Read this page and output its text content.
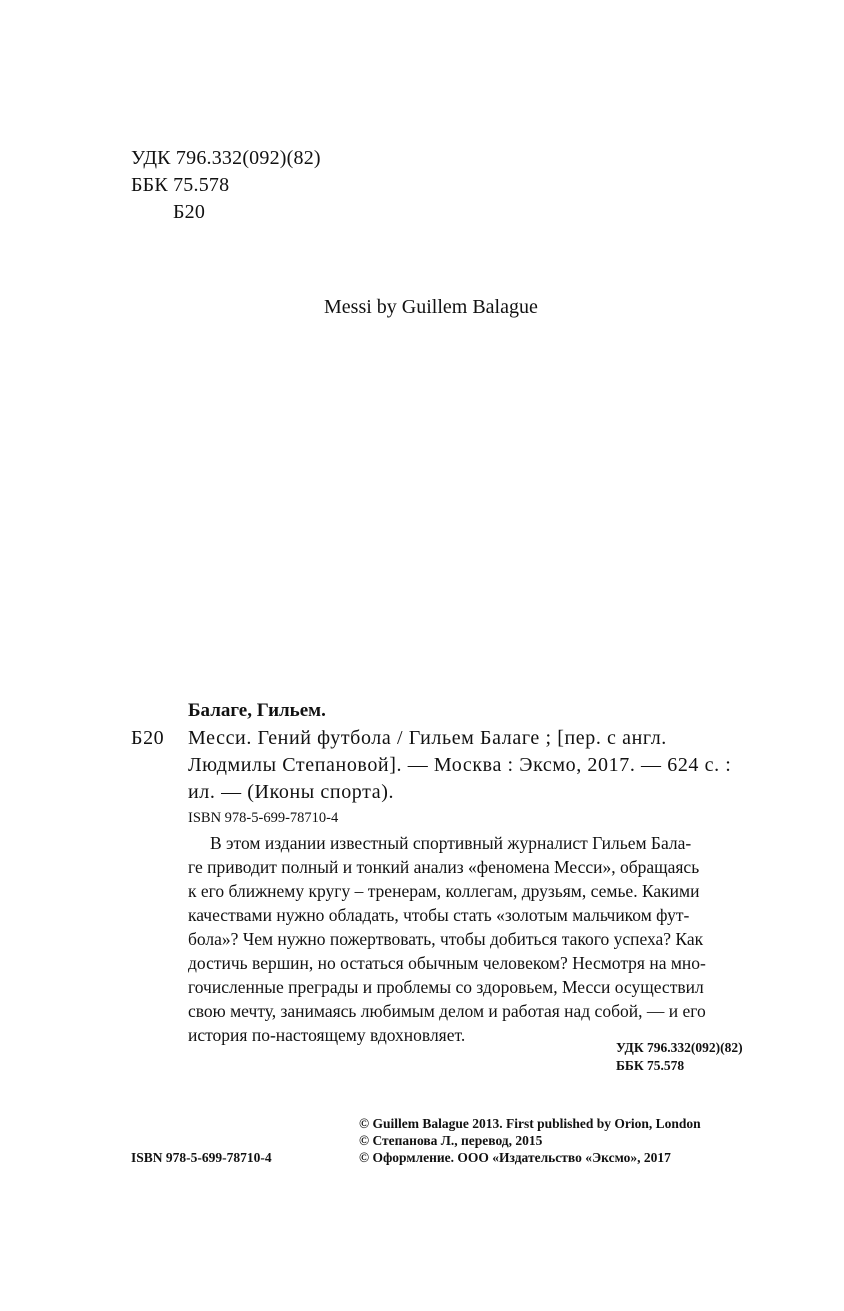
УДК 796.332(092)(82)
ББК 75.578
Б20
Messi by Guillem Balague
Балаге, Гильем.
Б20 Месси. Гений футбола / Гильем Балаге ; [пер. с англ.
Людмилы Степановой]. — Москва : Эксмо, 2017. — 624 с. :
ил. — (Иконы спорта).
ISBN 978-5-699-78710-4
В этом издании известный спортивный журналист Гильем Бала-
ге приводит полный и тонкий анализ «феномена Месси», обращаясь
к его ближнему кругу – тренерам, коллегам, друзьям, семье. Какими
качествами нужно обладать, чтобы стать «золотым мальчиком фут-
бола»? Чем нужно пожертвовать, чтобы добиться такого успеха? Как
достичь вершин, но остаться обычным человеком? Несмотря на мно-
гочисленные преграды и проблемы со здоровьем, Месси осуществил
свою мечту, занимаясь любимым делом и работая над собой, — и его
история по-настоящему вдохновляет.
УДК 796.332(092)(82)
ББК 75.578
ISBN 978-5-699-78710-4
© Guillem Balague 2013. First published by Orion, London
© Степанова Л., перевод, 2015
© Оформление. ООО «Издательство «Эксмо», 2017
